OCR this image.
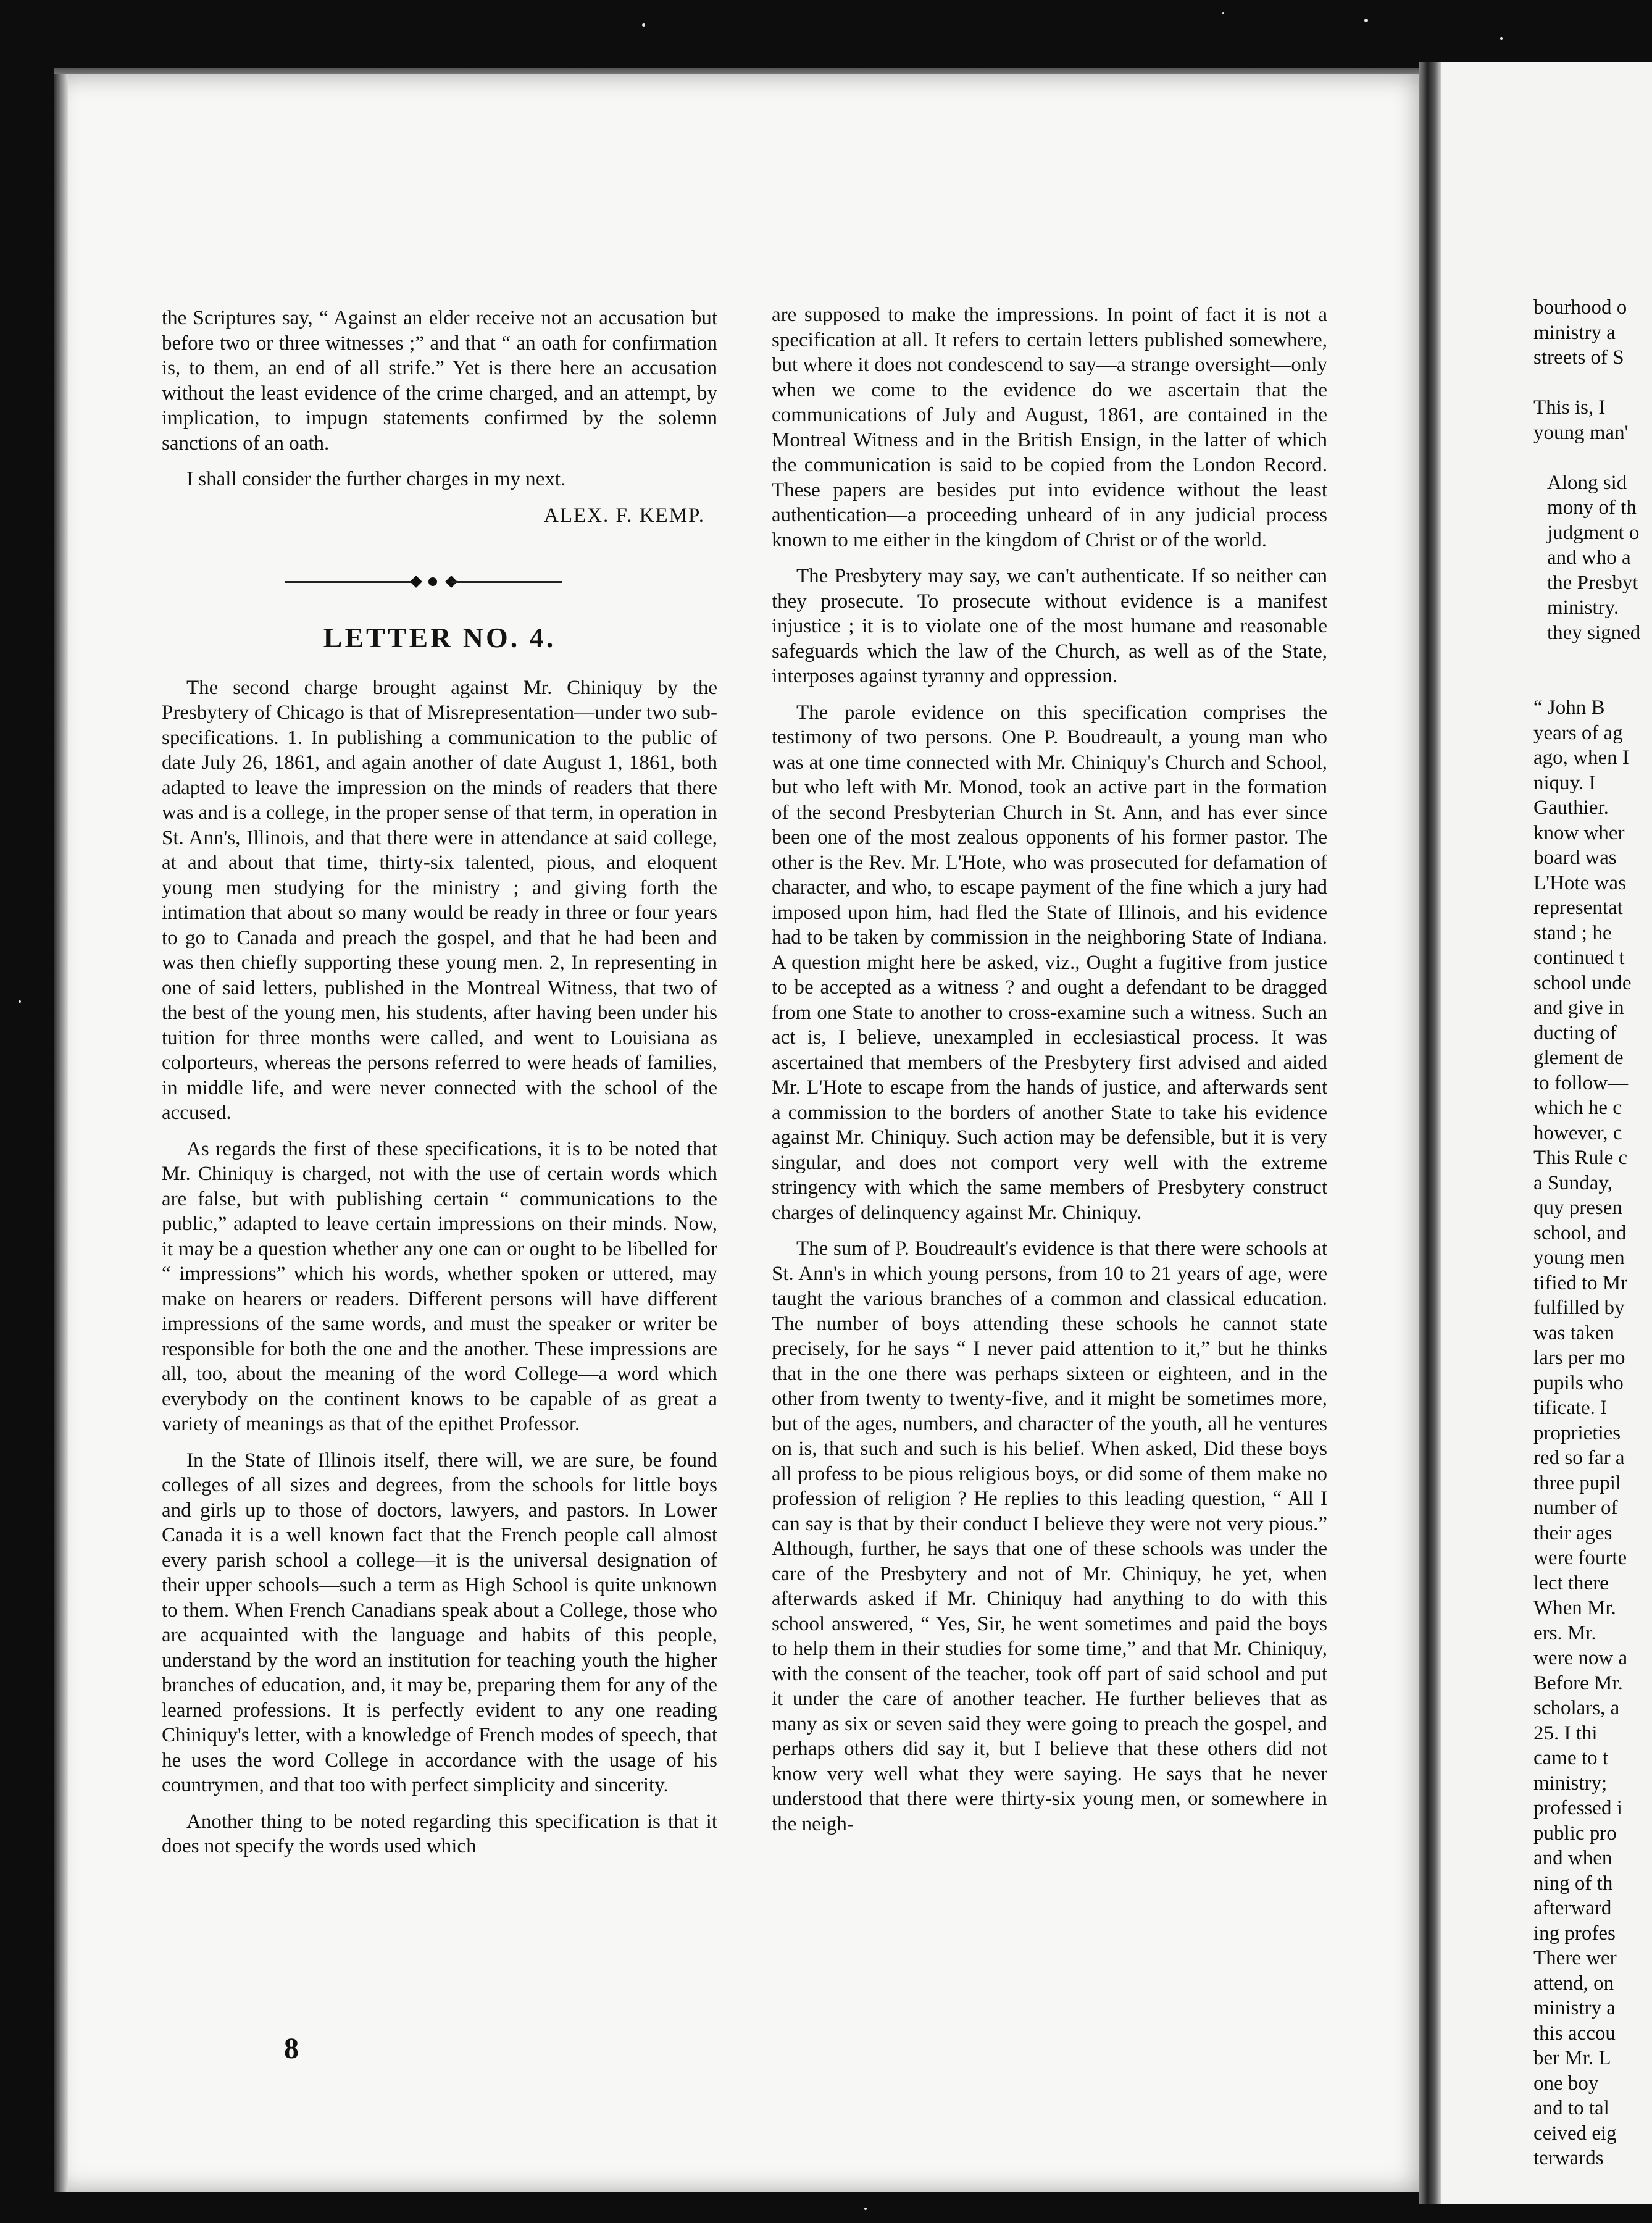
the Scriptures say, “ Against an elder receive not an accusation but before two or three witnesses ;” and that “ an oath for confirmation is, to them, an end of all strife.” Yet is there here an accusation without the least evidence of the crime charged, and an attempt, by implication, to impugn statements confirmed by the solemn sanctions of an oath.

I shall consider the further charges in my next.

ALEX. F. KEMP.
LETTER NO. 4.

The second charge brought against Mr. Chiniquy by the Presbytery of Chicago is that of Misrepresentation—under two sub-specifications. 1. In publishing a communication to the public of date July 26, 1861, and again another of date August 1, 1861, both adapted to leave the impression on the minds of readers that there was and is a college, in the proper sense of that term, in operation in St. Ann's, Illinois, and that there were in attendance at said college, at and about that time, thirty-six talented, pious, and eloquent young men studying for the ministry ; and giving forth the intimation that about so many would be ready in three or four years to go to Canada and preach the gospel, and that he had been and was then chiefly supporting these young men. 2, In representing in one of said letters, published in the Montreal Witness, that two of the best of the young men, his students, after having been under his tuition for three months were called, and went to Louisiana as colporteurs, whereas the persons referred to were heads of families, in middle life, and were never connected with the school of the accused.

As regards the first of these specifications, it is to be noted that Mr. Chiniquy is charged, not with the use of certain words which are false, but with publishing certain “ communications to the public,” adapted to leave certain impressions on their minds. Now, it may be a question whether any one can or ought to be libelled for “ impressions” which his words, whether spoken or uttered, may make on hearers or readers. Different persons will have different impressions of the same words, and must the speaker or writer be responsible for both the one and the another. These impressions are all, too, about the meaning of the word College—a word which everybody on the continent knows to be capable of as great a variety of meanings as that of the epithet Professor.

In the State of Illinois itself, there will, we are sure, be found colleges of all sizes and degrees, from the schools for little boys and girls up to those of doctors, lawyers, and pastors. In Lower Canada it is a well known fact that the French people call almost every parish school a college—it is the universal designation of their upper schools—such a term as High School is quite unknown to them. When French Canadians speak about a College, those who are acquainted with the language and habits of this people, understand by the word an institution for teaching youth the higher branches of education, and, it may be, preparing them for any of the learned professions. It is perfectly evident to any one reading Chiniquy's letter, with a knowledge of French modes of speech, that he uses the word College in accordance with the usage of his countrymen, and that too with perfect simplicity and sincerity.

Another thing to be noted regarding this specification is that it does not specify the words used which

are supposed to make the impressions. In point of fact it is not a specification at all. It refers to certain letters published somewhere, but where it does not condescend to say—a strange oversight—only when we come to the evidence do we ascertain that the communications of July and August, 1861, are contained in the Montreal Witness and in the British Ensign, in the latter of which the communication is said to be copied from the London Record. These papers are besides put into evidence without the least authentication—a proceeding unheard of in any judicial process known to me either in the kingdom of Christ or of the world.

The Presbytery may say, we can't authenticate. If so neither can they prosecute. To prosecute without evidence is a manifest injustice ; it is to violate one of the most humane and reasonable safeguards which the law of the Church, as well as of the State, interposes against tyranny and oppression.

The parole evidence on this specification comprises the testimony of two persons. One P. Boudreault, a young man who was at one time connected with Mr. Chiniquy's Church and School, but who left with Mr. Monod, took an active part in the formation of the second Presbyterian Church in St. Ann, and has ever since been one of the most zealous opponents of his former pastor. The other is the Rev. Mr. L'Hote, who was prosecuted for defamation of character, and who, to escape payment of the fine which a jury had imposed upon him, had fled the State of Illinois, and his evidence had to be taken by commission in the neighboring State of Indiana. A question might here be asked, viz., Ought a fugitive from justice to be accepted as a witness ? and ought a defendant to be dragged from one State to another to cross-examine such a witness. Such an act is, I believe, unexampled in ecclesiastical process. It was ascertained that members of the Presbytery first advised and aided Mr. L'Hote to escape from the hands of justice, and afterwards sent a commission to the borders of another State to take his evidence against Mr. Chiniquy. Such action may be defensible, but it is very singular, and does not comport very well with the extreme stringency with which the same members of Presbytery construct charges of delinquency against Mr. Chiniquy.

The sum of P. Boudreault's evidence is that there were schools at St. Ann's in which young persons, from 10 to 21 years of age, were taught the various branches of a common and classical education. The number of boys attending these schools he cannot state precisely, for he says “ I never paid attention to it,” but he thinks that in the one there was perhaps sixteen or eighteen, and in the other from twenty to twenty-five, and it might be sometimes more, but of the ages, numbers, and character of the youth, all he ventures on is, that such and such is his belief. When asked, Did these boys all profess to be pious religious boys, or did some of them make no profession of religion ? He replies to this leading question, “ All I can say is that by their conduct I believe they were not very pious.” Although, further, he says that one of these schools was under the care of the Presbytery and not of Mr. Chiniquy, he yet, when afterwards asked if Mr. Chiniquy had anything to do with this school answered, “ Yes, Sir, he went sometimes and paid the boys to help them in their studies for some time,” and that Mr. Chiniquy, with the consent of the teacher, took off part of said school and put it under the care of another teacher. He further believes that as many as six or seven said they were going to preach the gospel, and perhaps others did say it, but I believe that these others did not know very well what they were saying. He says that he never understood that there were thirty-six young men, or somewhere in the neigh-

8
bourhood o
ministry a
streets of S
This is, I
young man'
Along sid
mony of th
judgment o
and who a
the Presbyt
ministry.
they signed
“ John B
years of ag
ago, when I
niquy. I
Gauthier.
know wher
board was
L'Hote was
representat
stand ; he
continued t
school unde
and give in
ducting of
glement de
to follow—
which he c
however, c
This Rule c
a Sunday,
quy presen
school, and
young men
tified to Mr
fulfilled by
was taken
lars per mo
pupils who
tificate. I
proprieties
red so far a
three pupil
number of
their ages
were fourte
lect there
When Mr.
ers. Mr.
were now a
Before Mr.
scholars, a
25. I thi
came to t
ministry;
professed i
public pro
and when
ning of th
afterward
ing profes
There wer
attend, on
ministry a
this accou
ber Mr. L
one boy
and to tal
ceived eig
terwards
